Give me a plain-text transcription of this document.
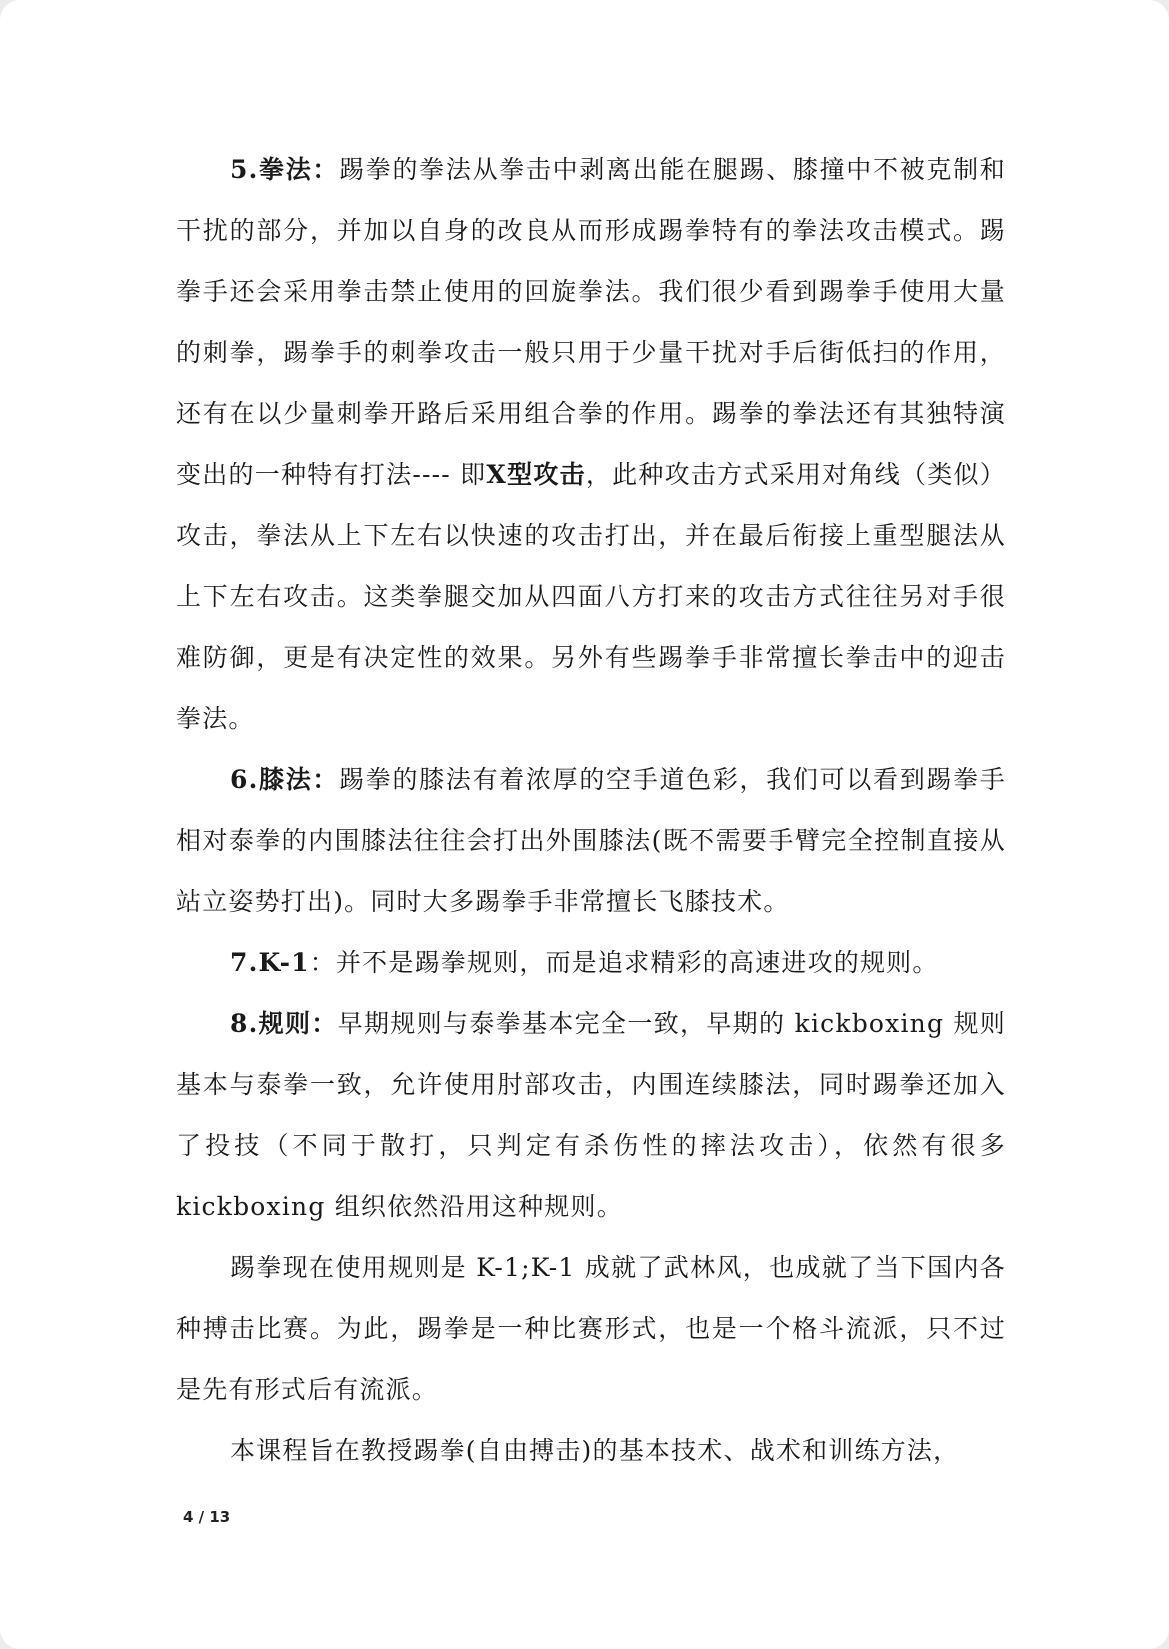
5.拳法：踢拳的拳法从拳击中剥离出能在腿踢、膝撞中不被克制和干扰的部分，并加以自身的改良从而形成踢拳特有的拳法攻击模式。踢拳手还会采用拳击禁止使用的回旋拳法。我们很少看到踢拳手使用大量的刺拳，踢拳手的刺拳攻击一般只用于少量干扰对手后街低扫的作用，还有在以少量刺拳开路后采用组合拳的作用。踢拳的拳法还有其独特演变出的一种特有打法---- 即X型攻击，此种攻击方式采用对角线（类似）攻击，拳法从上下左右以快速的攻击打出，并在最后衔接上重型腿法从上下左右攻击。这类拳腿交加从四面八方打来的攻击方式往往另对手很难防御，更是有决定性的效果。另外有些踢拳手非常擅长拳击中的迎击拳法。

6.膝法：踢拳的膝法有着浓厚的空手道色彩，我们可以看到踢拳手相对泰拳的内围膝法往往会打出外围膝法(既不需要手臂完全控制直接从站立姿势打出)。同时大多踢拳手非常擅长飞膝技术。

7.K-1：并不是踢拳规则，而是追求精彩的高速进攻的规则。

8.规则：早期规则与泰拳基本完全一致，早期的 kickboxing 规则基本与泰拳一致，允许使用肘部攻击，内围连续膝法，同时踢拳还加入了投技（不同于散打，只判定有杀伤性的摔法攻击），依然有很多 kickboxing 组织依然沿用这种规则。

踢拳现在使用规则是 K-1;K-1 成就了武林风，也成就了当下国内各种搏击比赛。为此，踢拳是一种比赛形式，也是一个格斗流派，只不过是先有形式后有流派。

本课程旨在教授踢拳(自由搏击)的基本技术、战术和训练方法，

4 / 13
